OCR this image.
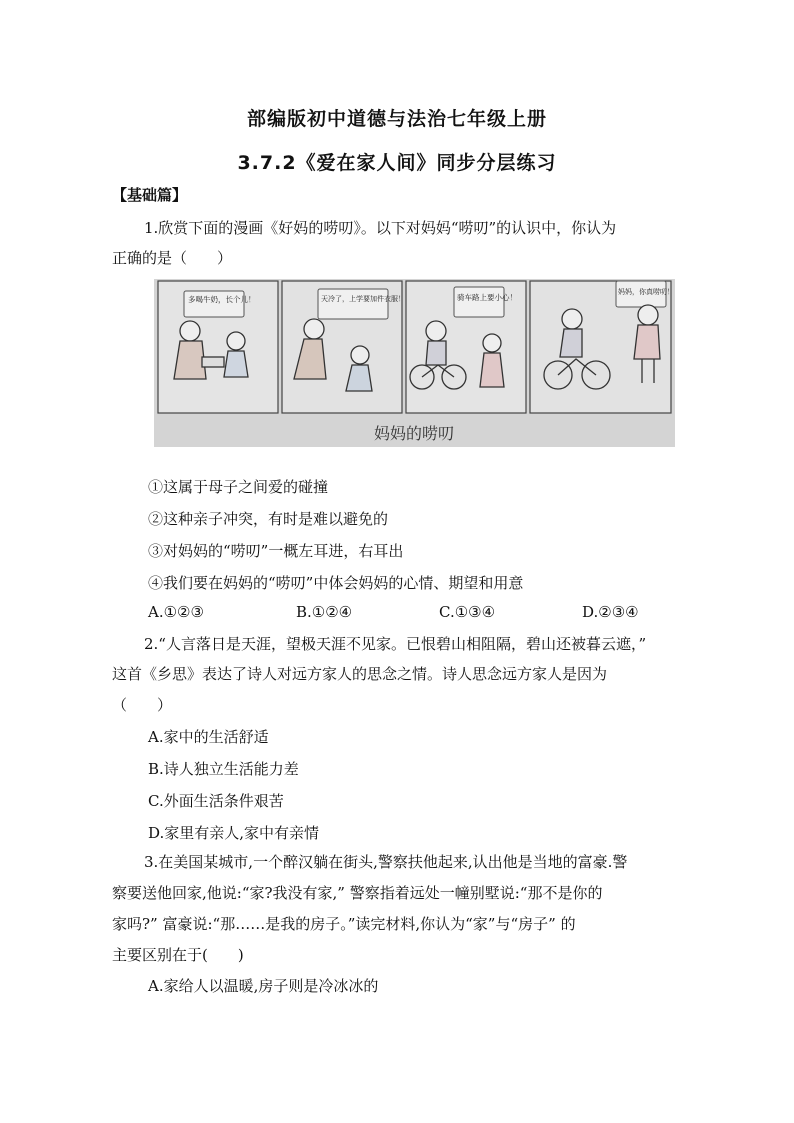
部编版初中道德与法治七年级上册
3.7.2《爱在家人间》同步分层练习
【基础篇】
1.欣赏下面的漫画《好妈的唠叨》。以下对妈妈“唠叨”的认识中，你认为
正确的是（　　）
多喝牛奶，长个儿！	天冷了，上学要加件衣服！	骑车路上要小心！
妈妈，你真唠叨！
妈妈的唠叨
①这属于母子之间爱的碰撞
②这种亲子冲突，有时是难以避免的
③对妈妈的“唠叨”一概左耳进，右耳出
④我们要在妈妈的“唠叨”中体会妈妈的心情、期望和用意
A.①②③	B.①②④	C.①③④	D.②③④
2.“人言落日是天涯，望极天涯不见家。已恨碧山相阻隔，碧山还被暮云遮，”
这首《乡思》表达了诗人对远方家人的思念之情。诗人思念远方家人是因为
（　　）
A.家中的生活舒适
B.诗人独立生活能力差
C.外面生活条件艰苦
D.家里有亲人,家中有亲情
3.在美国某城市,一个醉汉躺在街头,警察扶他起来,认出他是当地的富豪.警
察要送他回家,他说:“家?我没有家,” 警察指着远处一幢别墅说:“那不是你的
家吗?” 富豪说:“那……是我的房子。”读完材料,你认为“家”与“房子” 的
主要区别在于(　　)
A.家给人以温暖,房子则是冷冰冰的
